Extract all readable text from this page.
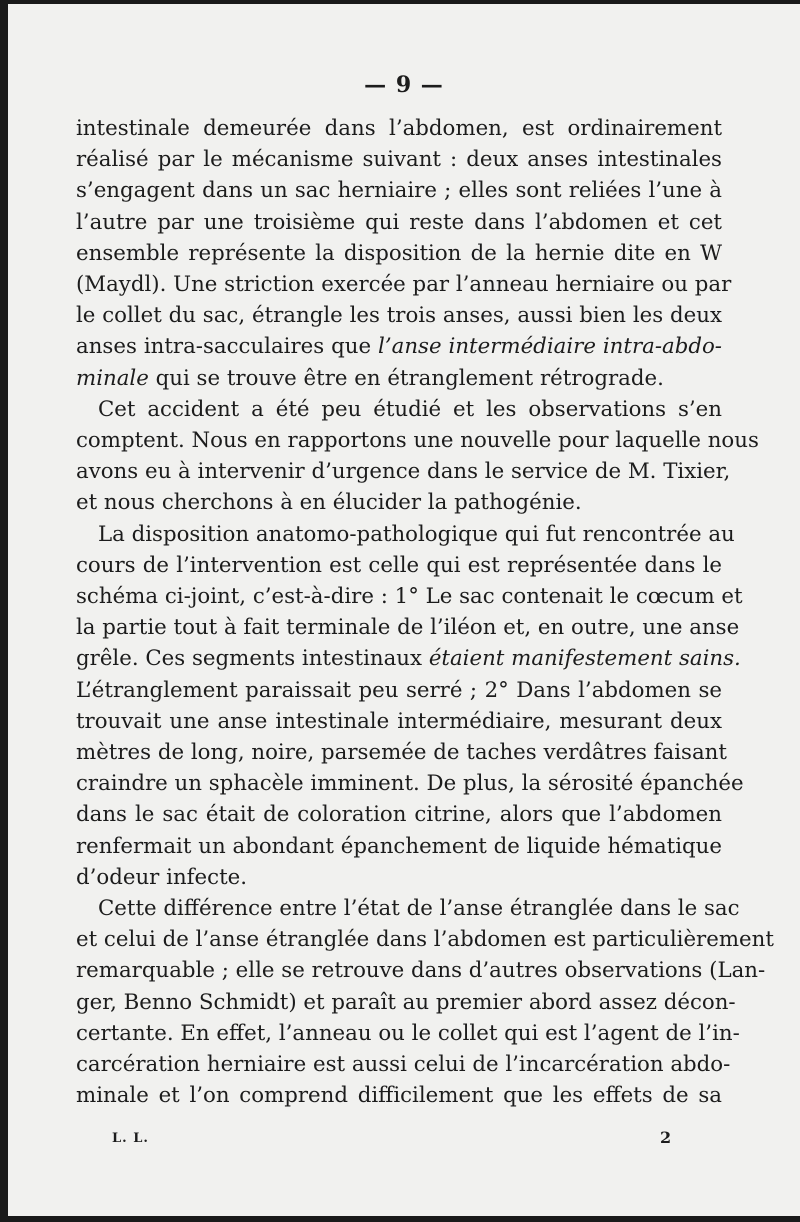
— 9 —
intestinale demeurée dans l’abdomen, est ordinairement
réalisé par le mécanisme suivant : deux anses intestinales
s’engagent dans un sac herniaire ; elles sont reliées l’une à
l’autre par une troisième qui reste dans l’abdomen et cet
ensemble représente la disposition de la hernie dite en W
(Maydl). Une striction exercée par l’anneau herniaire ou par
le collet du sac, étrangle les trois anses, aussi bien les deux
anses intra-sacculaires que l’anse intermédiaire intra-abdo-
minale qui se trouve être en étranglement rétrograde.
Cet accident a été peu étudié et les observations s’en
comptent. Nous en rapportons une nouvelle pour laquelle nous
avons eu à intervenir d’urgence dans le service de M. Tixier,
et nous cherchons à en élucider la pathogénie.
La disposition anatomo-pathologique qui fut rencontrée au
cours de l’intervention est celle qui est représentée dans le
schéma ci-joint, c’est-à-dire : 1° Le sac contenait le cœcum et
la partie tout à fait terminale de l’iléon et, en outre, une anse
grêle. Ces segments intestinaux étaient manifestement sains.
L’étranglement paraissait peu serré ; 2° Dans l’abdomen se
trouvait une anse intestinale intermédiaire, mesurant deux
mètres de long, noire, parsemée de taches verdâtres faisant
craindre un sphacèle imminent. De plus, la sérosité épanchée
dans le sac était de coloration citrine, alors que l’abdomen
renfermait un abondant épanchement de liquide hématique
d’odeur infecte.
Cette différence entre l’état de l’anse étranglée dans le sac
et celui de l’anse étranglée dans l’abdomen est particulièrement
remarquable ; elle se retrouve dans d’autres observations (Lan-
ger, Benno Schmidt) et paraît au premier abord assez décon-
certante. En effet, l’anneau ou le collet qui est l’agent de l’in-
carcération herniaire est aussi celui de l’incarcération abdo-
minale et l’on comprend difficilement que les effets de sa
L. L.	2
